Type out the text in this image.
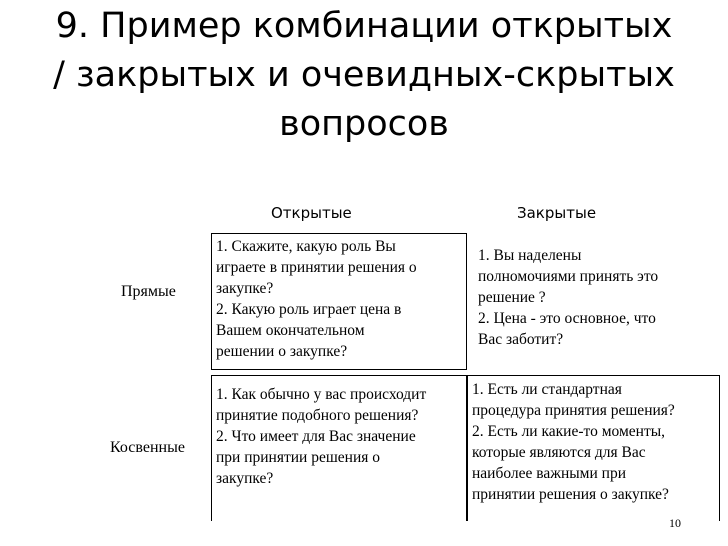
9. Пример комбинации открытых
/ закрытых и очевидных-скрытых
вопросов
Открытые	Закрытые
Прямые
Косвенные
1. Скажите, какую роль Вы
играете в принятии решения о
закупке?
2. Какую роль играет цена в
Вашем окончательном
решении о закупке?
1. Вы наделены
полномочиями принять это
решение ?
2. Цена - это основное, что
Вас заботит?
1. Как обычно у вас происходит
принятие подобного решения?
2. Что имеет для Вас значение
при принятии решения о
закупке?
1. Есть ли стандартная
процедура принятия решения?
2. Есть ли какие-то моменты,
которые являются для Вас
наиболее важными при
принятии решения о закупке?
10
